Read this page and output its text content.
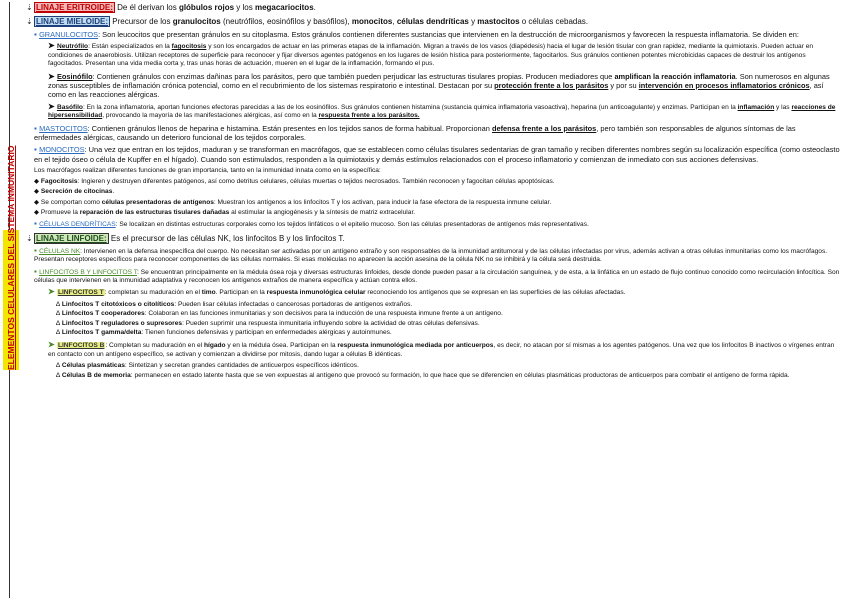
ELEMENTOS CELULARES DEL SISTEMA INMUNITARIO
⇣ LINAJE ERITROIDE: De él derivan los glóbulos rojos y los megacariocitos.
⇣ LINAJE MIELOIDE: Precursor de los granulocitos (neutrófilos, eosinófilos y basófilos), monocitos, células dendríticas y mastocitos o células cebadas.
▪ GRANULOCITOS: Son leucocitos que presentan gránulos en su citoplasma. Estos gránulos contienen diferentes sustancias que intervienen en la destrucción de microorganismos y favorecen la respuesta inflamatoria. Se dividen en:
➤ Neutrófilo: Están especializados en la fagocitosis y son los encargados de actuar en las primeras etapas de la inflamación. Migran a través de los vasos (diapédesis) hacia el lugar de lesión tisular con gran rapidez, mediante la quimiotaxis. Pueden actuar en condiciones de anaerobiosis. Utilizan receptores de superficie para reconocer y fijar diversos agentes patógenos en los lugares de lesión hística para posteriormente, fagocitarlos. Sus gránulos contienen potentes microbicidas capaces de destruir los antígenos fagocitados. Presentan una vida media corta y, tras unas horas de actuación, mueren en el lugar de la inflamación, formando el pus.
➤ Eosinófilo: Contienen gránulos con enzimas dañinas para los parásitos, pero que también pueden perjudicar las estructuras tisulares propias. Producen mediadores que amplifican la reacción inflamatoria. Son numerosos en algunas zonas susceptibles de inflamación crónica potencial, como en el recubrimiento de los sistemas respiratorio e intestinal. Destacan por su protección frente a los parásitos y por su intervención en procesos inflamatorios crónicos, así como en las reacciones alérgicas.
➤ Basófilo: En la zona inflamatoria, aportan funciones efectoras parecidas a las de los eosinófilos. Sus gránulos contienen histamina (sustancia quimica inflamatoria vasoactiva), heparina (un anticoagulante) y enzimas. Participan en la inflamación y las reacciones de hipersensibilidad, provocando la mayoría de las manifestaciones alérgicas, así como en la respuesta frente a los parásitos.
▪ MASTOCITOS: Contienen gránulos llenos de heparina e histamina. Están presentes en los tejidos sanos de forma habitual. Proporcionan defensa frente a los parásitos, pero también son responsables de algunos síntomas de las enfermedades alérgicas, causando un deterioro funcional de los tejidos corporales.
▪ MONOCITOS: Una vez que entran en los tejidos, maduran y se transforman en macrófagos, que se establecen como células tisulares sedentarias de gran tamaño y reciben diferentes nombres según su localización específica (como osteoclasto en el tejido óseo o célula de Kupffer en el hígado). Cuando son estimulados, responden a la quimiotaxis y demás estímulos relacionados con el proceso inflamatorio y comienzan de inmediato con sus acciones defensivas.
Los macrófagos realizan diferentes funciones de gran importancia, tanto en la inmunidad innata como en la específica:
◆ Fagocitosis: Ingieren y destruyen diferentes patógenos, así como detritus celulares, células muertas o tejidos necrosados. También reconocen y fagocitan células apoptósicas.
◆ Secreción de citocinas.
◆ Se comportan como células presentadoras de antígenos: Muestran los antígenos a los linfocitos T y los activan, para inducir la fase efectora de la respuesta inmune celular.
◆ Promueve la reparación de las estructuras tisulares dañadas al estimular la angiogénesis y la síntesis de matriz extracelular.
▪ CÉLULAS DENDRÍTICAS: Se localizan en distintas estructuras corporales como los tejidos linfáticos o el epitelio mucoso. Son las células presentadoras de antígenos más representativas.
⇣ LINAJE LINFOIDE: Es el precursor de las células NK, los linfocitos B y los linfocitos T.
▪ CÉLULAS NK: Intervienen en la defensa inespecífica del cuerpo. No necesitan ser activadas por un antígeno extraño y son responsables de la inmunidad antitumoral y de las células infectadas por virus, además activan a otras células inmunitarias como los macrófagos. Presentan receptores específicos para reconocer componentes de las células normales. Si esas moléculas no aparecen la acción asesina de la célula NK no se inhibirá y la célula será destruida.
▪ LINFOCITOS B Y LINFOCITOS T: Se encuentran principalmente en la médula ósea roja y diversas estructuras linfoides, desde donde pueden pasar a la circulación sanguínea, y de esta, a la linfática en un estado de flujo continuo conocido como recirculación linfocítica. Son células que intervienen en la inmunidad adaptativa y reconocen los antígenos extraños de manera específica y actúan contra ellos.
➤ LINFOCITOS T: completan su maduración en el timo. Participan en la respuesta inmunológica celular reconociendo los antígenos que se expresan en las superficies de las células afectadas.
∆ Linfocitos T citotóxicos o citolíticos: Pueden lisar células infectadas o cancerosas portadoras de antígenos extraños.
∆ Linfocitos T cooperadores: Colaboran en las funciones inmunitarias y son decisivos para la inducción de una respuesta inmune frente a un antígeno.
∆ Linfocitos T reguladores o supresores: Pueden suprimir una respuesta inmunitaria influyendo sobre la actividad de otras células defensivas.
∆ Linfocitos T gamma/delta: Tienen funciones defensivas y participan en enfermedades alérgicas y autoinmunes.
➤ LINFOCITOS B: Completan su maduración en el hígado y en la médula ósea. Participan en la respuesta inmunológica mediada por anticuerpos, es decir, no atacan por sí mismas a los agentes patógenos. Una vez que los linfocitos B inactivos o vírgenes entran en contacto con un antígeno específico, se activan y comienzan a dividirse por mitosis, dando lugar a células B idénticas.
∆ Células plasmáticas: Sintetizan y secretan grandes cantidades de anticuerpos específicos idénticos.
∆ Células B de memoria: permanecen en estado latente hasta que se ven expuestas al antígeno que provocó su formación, lo que hace que se diferencien en células plasmáticas productoras de anticuerpos para combatir el antígeno de forma rápida.
